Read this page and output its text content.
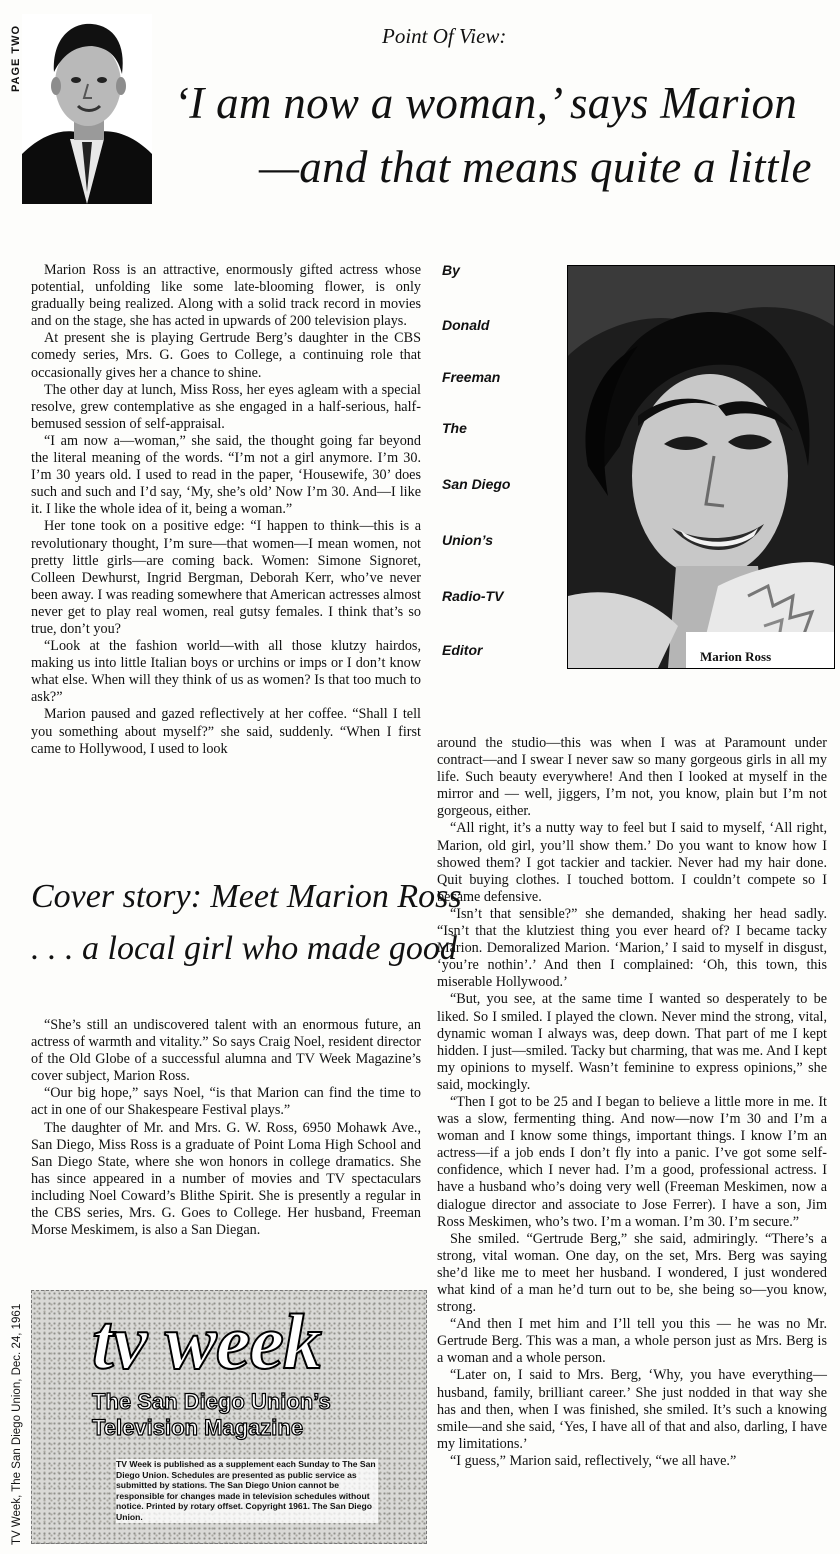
PAGE TWO	Point Of View:
‘I am now a woman,’ says Marion
—and that means quite a little
By
Donald
Freeman
The
San Diego
Union’s
Radio-TV
Editor	Marion Ross

Marion Ross is an attractive, enormously gifted actress whose potential, unfolding like some late-blooming flower, is only gradually being realized. Along with a solid track record in movies and on the stage, she has acted in upwards of 200 television plays.

At present she is playing Gertrude Berg’s daughter in the CBS comedy series, Mrs. G. Goes to College, a continuing role that occasionally gives her a chance to shine.

The other day at lunch, Miss Ross, her eyes agleam with a special resolve, grew contemplative as she engaged in a half-serious, half-bemused session of self-appraisal.

“I am now a—woman,” she said, the thought going far beyond the literal meaning of the words. “I’m not a girl anymore. I’m 30. I’m 30 years old. I used to read in the paper, ‘Housewife, 30’ does such and such and I’d say, ‘My, she’s old’ Now I’m 30. And—I like it. I like the whole idea of it, being a woman.”

Her tone took on a positive edge: “I happen to think—this is a revolutionary thought, I’m sure—that women—I mean women, not pretty little girls—are coming back. Women: Simone Signoret, Colleen Dewhurst, Ingrid Bergman, Deborah Kerr, who’ve never been away. I was reading somewhere that American actresses almost never get to play real women, real gutsy females. I think that’s so true, don’t you?

“Look at the fashion world—with all those klutzy hairdos, making us into little Italian boys or urchins or imps or I don’t know what else. When will they think of us as women? Is that too much to ask?”

Marion paused and gazed reflectively at her coffee. “Shall I tell you something about myself?” she said, suddenly. “When I first came to Hollywood, I used to look

Cover story: Meet Marion Ross
. . . a local girl who made good

“She’s still an undiscovered talent with an enormous future, an actress of warmth and vitality.” So says Craig Noel, resident director of the Old Globe of a successful alumna and TV Week Magazine’s cover subject, Marion Ross.

“Our big hope,” says Noel, “is that Marion can find the time to act in one of our Shakespeare Festival plays.”

The daughter of Mr. and Mrs. G. W. Ross, 6950 Mohawk Ave., San Diego, Miss Ross is a graduate of Point Loma High School and San Diego State, where she won honors in college dramatics. She has since appeared in a number of movies and TV spectaculars including Noel Coward’s Blithe Spirit. She is presently a regular in the CBS series, Mrs. G. Goes to College. Her husband, Freeman Morse Meskimem, is also a San Diegan.

around the studio—this was when I was at Paramount under contract—and I swear I never saw so many gorgeous girls in all my life. Such beauty everywhere! And then I looked at myself in the mirror and — well, jiggers, I’m not, you know, plain but I’m not gorgeous, either.

“All right, it’s a nutty way to feel but I said to myself, ‘All right, Marion, old girl, you’ll show them.’ Do you want to know how I showed them? I got tackier and tackier. Never had my hair done. Quit buying clothes. I touched bottom. I couldn’t compete so I became defensive.

“Isn’t that sensible?” she demanded, shaking her head sadly. “Isn’t that the klutziest thing you ever heard of? I became tacky Marion. Demoralized Marion. ‘Marion,’ I said to myself in disgust, ‘you’re nothin’.’ And then I complained: ‘Oh, this town, this miserable Hollywood.’

“But, you see, at the same time I wanted so desperately to be liked. So I smiled. I played the clown. Never mind the strong, vital, dynamic woman I always was, deep down. That part of me I kept hidden. I just—smiled. Tacky but charming, that was me. And I kept my opinions to myself. Wasn’t feminine to express opinions,” she said, mockingly.

“Then I got to be 25 and I began to believe a little more in me. It was a slow, fermenting thing. And now—now I’m 30 and I’m a woman and I know some things, important things. I know I’m an actress—if a job ends I don’t fly into a panic. I’ve got some self-confidence, which I never had. I’m a good, professional actress. I have a husband who’s doing very well (Freeman Meskimen, now a dialogue director and associate to Jose Ferrer). I have a son, Jim Ross Meskimen, who’s two. I’m a woman. I’m 30. I’m secure.”

She smiled. “Gertrude Berg,” she said, admiringly. “There’s a strong, vital woman. One day, on the set, Mrs. Berg was saying she’d like me to meet her husband. I wondered, I just wondered what kind of a man he’d turn out to be, she being so—you know, strong.

“And then I met him and I’ll tell you this — he was no Mr. Gertrude Berg. This was a man, a whole person just as Mrs. Berg is a woman and a whole person.

“Later on, I said to Mrs. Berg, ‘Why, you have everything—husband, family, brilliant career.’ She just nodded in that way she has and then, when I was finished, she smiled. It’s such a knowing smile—and she said, ‘Yes, I have all of that and also, darling, I have my limitations.’

“I guess,” Marion said, reflectively, “we all have.”

tv week
The San Diego Union’s
Television Magazine
TV Week is published as a supplement each Sunday to The San Diego Union. Schedules are presented as public service as submitted by stations. The San Diego Union cannot be responsible for changes made in television schedules without notice. Printed by rotary offset. Copyright 1961. The San Diego Union.
TV Week, The San Diego Union, Dec. 24, 1961
